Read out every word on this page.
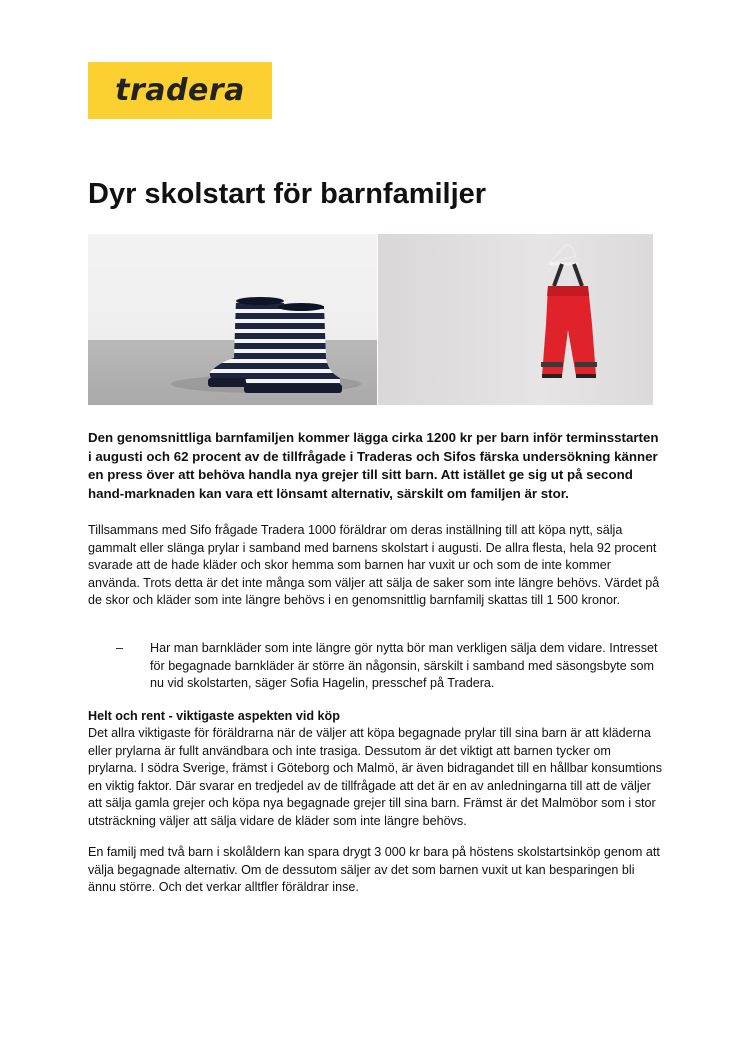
tradera
Dyr skolstart för barnfamiljer

Den genomsnittliga barnfamiljen kommer lägga cirka 1200 kr per barn inför terminsstarten i augusti och 62 procent av de tillfrågade i Traderas och Sifos färska undersökning känner en press över att behöva handla nya grejer till sitt barn. Att istället ge sig ut på second hand-marknaden kan vara ett lönsamt alternativ, särskilt om familjen är stor.

Tillsammans med Sifo frågade Tradera 1000 föräldrar om deras inställning till att köpa nytt, sälja gammalt eller slänga prylar i samband med barnens skolstart i augusti. De allra flesta, hela 92 procent svarade att de hade kläder och skor hemma som barnen har vuxit ur och som de inte kommer använda. Trots detta är det inte många som väljer att sälja de saker som inte längre behövs. Värdet på de skor och kläder som inte längre behövs i en genomsnittlig barnfamilj skattas till 1 500 kronor.

–	Har man barnkläder som inte längre gör nytta bör man verkligen sälja dem vidare. Intresset för begagnade barnkläder är större än någonsin, särskilt i samband med säsongsbyte som nu vid skolstarten, säger Sofia Hagelin, presschef på Tradera.

Helt och rent - viktigaste aspekten vid köp

Det allra viktigaste för föräldrarna när de väljer att köpa begagnade prylar till sina barn är att kläderna eller prylarna är fullt användbara och inte trasiga. Dessutom är det viktigt att barnen tycker om prylarna. I södra Sverige, främst i Göteborg och Malmö, är även bidragandet till en hållbar konsumtions en viktig faktor. Där svarar en tredjedel av de tillfrågade att det är en av anledningarna till att de väljer att sälja gamla grejer och köpa nya begagnade grejer till sina barn. Främst är det Malmöbor som i stor utsträckning väljer att sälja vidare de kläder som inte längre behövs.

En familj med två barn i skolåldern kan spara drygt 3 000 kr bara på höstens skolstartsinköp genom att välja begagnade alternativ. Om de dessutom säljer av det som barnen vuxit ut kan besparingen bli ännu större. Och det verkar alltfler föräldrar inse.
